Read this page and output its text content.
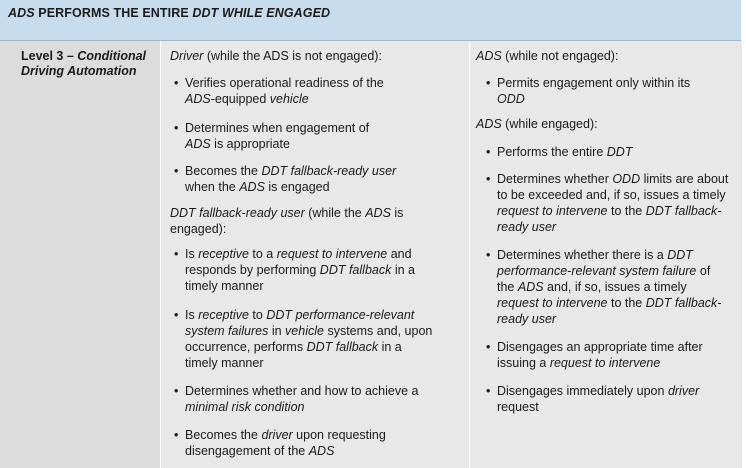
ADS PERFORMS THE ENTIRE DDT WHILE ENGAGED
Level 3 – Conditional
Driving Automation
Driver (while the ADS is not engaged):
• Verifies operational readiness of the
ADS-equipped vehicle
• Determines when engagement of
ADS is appropriate
• Becomes the DDT fallback-ready user
when the ADS is engaged
DDT fallback-ready user (while the ADS is
engaged):
• Is receptive to a request to intervene and
responds by performing DDT fallback in a
timely manner
• Is receptive to DDT performance-relevant
system failures in vehicle systems and, upon
occurrence, performs DDT fallback in a
timely manner
• Determines whether and how to achieve a
minimal risk condition
• Becomes the driver upon requesting
disengagement of the ADS
ADS (while not engaged):
• Permits engagement only within its
ODD
ADS (while engaged):
• Performs the entire DDT
• Determines whether ODD limits are about
to be exceeded and, if so, issues a timely
request to intervene to the DDT fallback-
ready user
• Determines whether there is a DDT
performance-relevant system failure of
the ADS and, if so, issues a timely
request to intervene to the DDT fallback-
ready user
• Disengages an appropriate time after
issuing a request to intervene
• Disengages immediately upon driver
request
